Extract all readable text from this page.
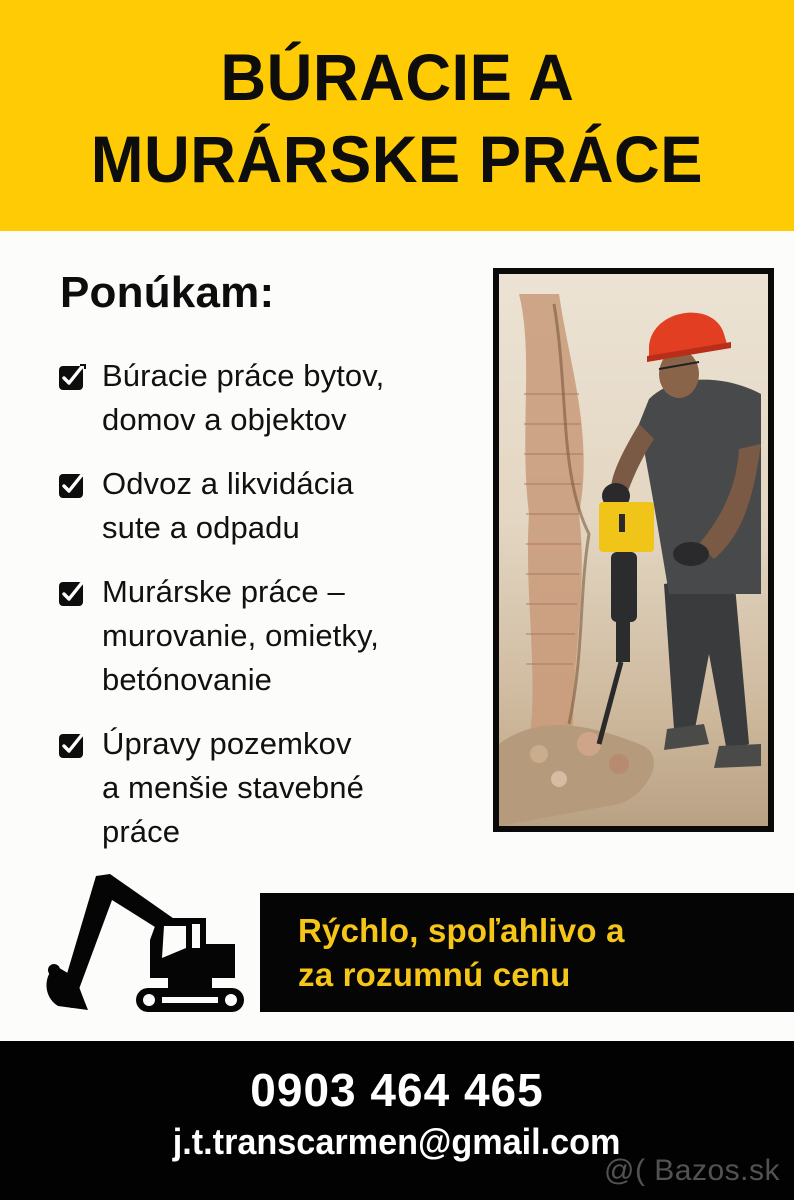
BÚRACIE A
MURÁRSKE PRÁCE
Ponúkam:
Búracie práce bytov,
domov a objektov
Odvoz a likvidácia
sute a odpadu
Murárske práce –
murovanie, omietky,
betónovanie
Úpravy pozemkov
a menšie stavebné
práce
Rýchlo, spoľahlivo a
za rozumnú cenu
0903 464 465
j.t.transcarmen@gmail.com
@( Bazos.sk
